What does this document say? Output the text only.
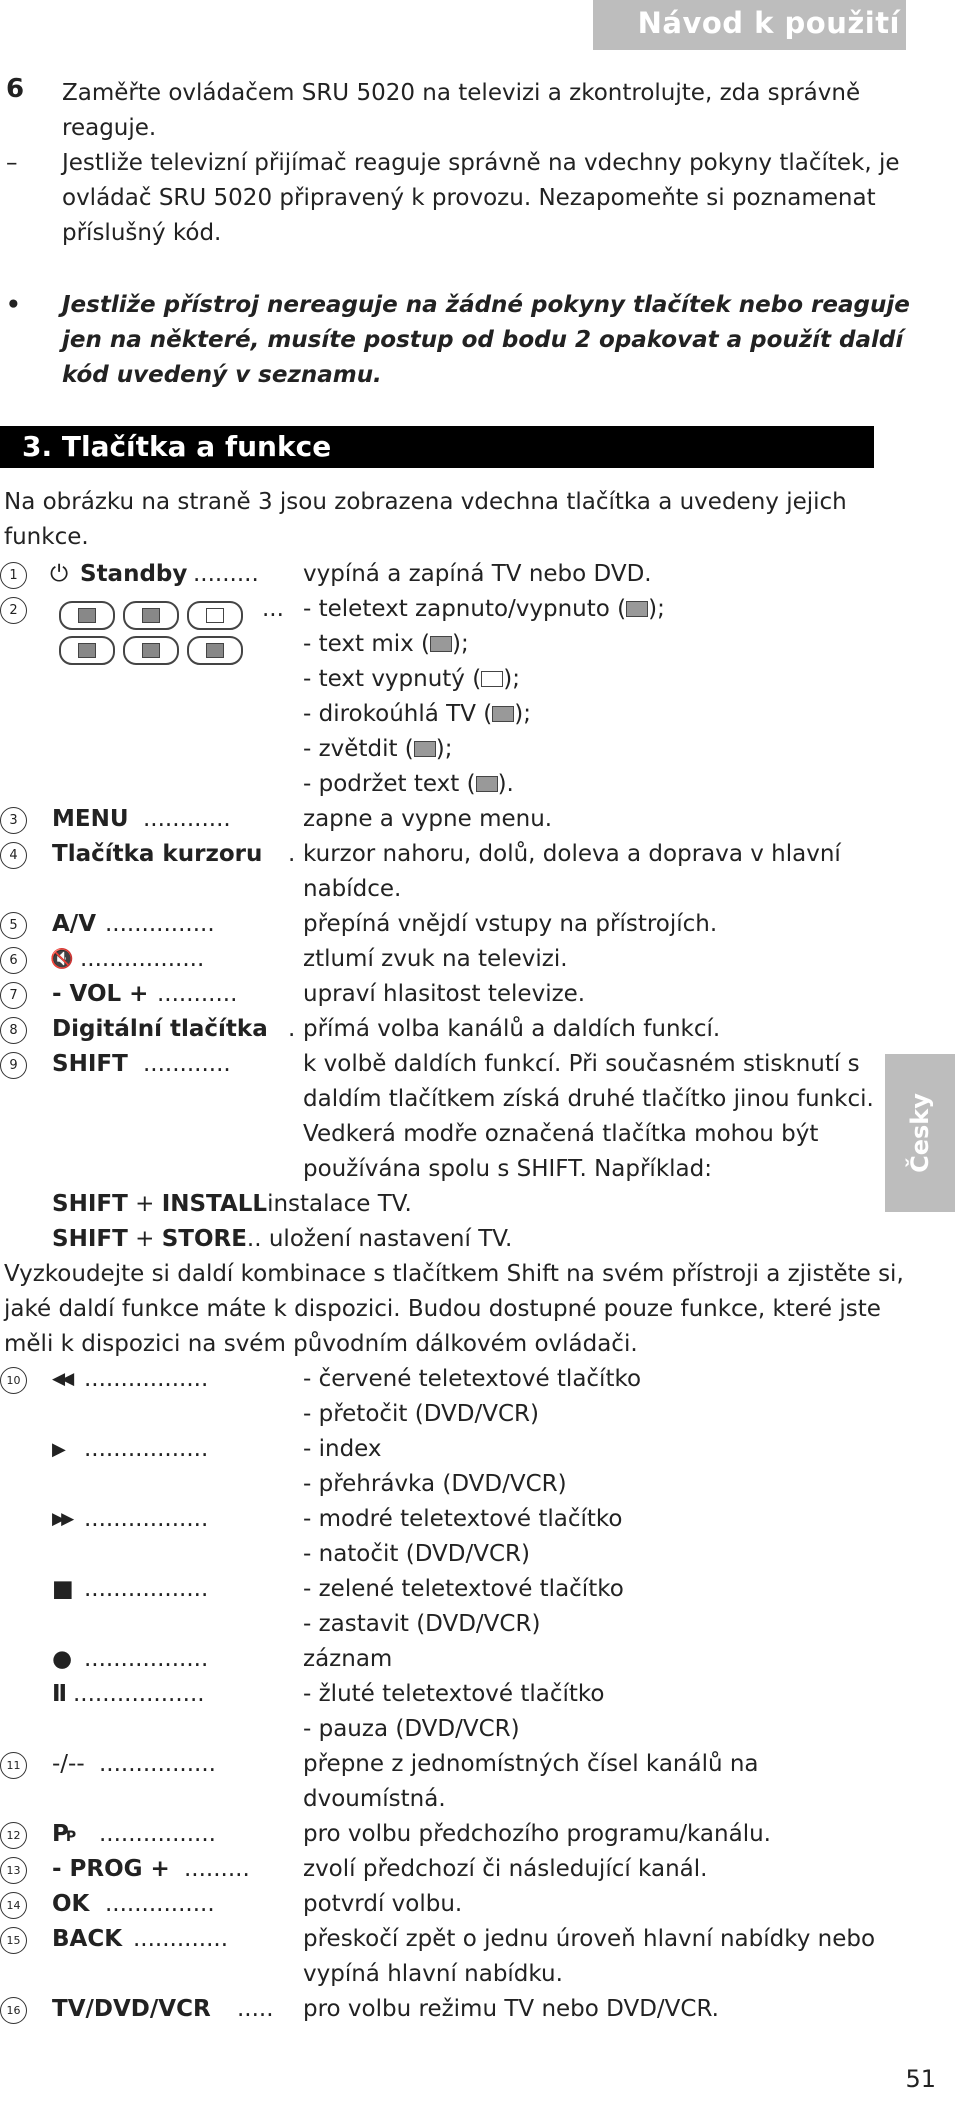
Návod k použití
6 Zaměřte ovládačem SRU 5020 na televizi a zkontrolujte, zda správně
reaguje.
– Jestliže televizní přijímač reaguje správně na vdechny pokyny tlačítek, je
ovládač SRU 5020 připravený k provozu. Nezapomeňte si poznamenat
příslušný kód.
• Jestliže přístroj nereaguje na žádné pokyny tlačítek nebo reaguje
jen na některé, musíte postup od bodu 2 opakovat a použít daldí
kód uvedený v seznamu.
3. Tlačítka a funkce
Na obrázku na straně 3 jsou zobrazena vdechna tlačítka a uvedeny jejich
funkce.
1	⏻ Standby ......... vypíná a zapíná TV nebo DVD.
2	... - teletext zapnuto/vypnuto ( );
- text mix ( );
- text vypnutý ( );
- dirokoúhlá TV ( );
- zvětdit ( );
- podržet text ( ).
3	MENU ............	zapne a vypne menu.
4	Tlačítka kurzoru . kurzor nahoru, dolů, doleva a doprava v hlavní
nabídce.
5	A/V ...............	přepíná vnějdí vstupy na přístrojích.
6	🔇 .................	ztlumí zvuk na televizi.
7	- VOL + ...........	upraví hlasitost televize.
8	Digitální tlačítka . přímá volba kanálů a daldích funkcí.
9	SHIFT ............	k volbě daldích funkcí. Při současném stisknutí s
daldím tlačítkem získá druhé tlačítko jinou funkci.
Vedkerá modře označená tlačítka mohou být
používána spolu s SHIFT. Například:
SHIFT + INSTALLinstalace TV.
SHIFT + STORE.. uložení nastavení TV.
Vyzkoudejte si daldí kombinace s tlačítkem Shift na svém přístroji a zjistěte si,
jaké daldí funkce máte k dispozici. Budou dostupné pouze funkce, které jste
měli k dispozici na svém původním dálkovém ovládači.
10	◀◀ .................	- červené teletextové tlačítko
- přetočit (DVD/VCR)
▶ .................	- index
- přehrávka (DVD/VCR)
▶▶ .................	- modré teletextové tlačítko
- natočit (DVD/VCR)
■ .................	- zelené teletextové tlačítko
- zastavit (DVD/VCR)
● .................	záznam
II ..................	- žluté teletextové tlačítko
- pauza (DVD/VCR)
11 -/-- ................	přepne z jednomístných čísel kanálů na
dvoumístná.
12 PP ................	pro volbu předchozího programu/kanálu.
13 - PROG + ......... zvolí předchozí či následující kanál.
14 OK ...............	potvrdí volbu.
15 BACK .............	přeskočí zpět o jednu úroveň hlavní nabídky nebo
vypíná hlavní nabídku.
16 TV/DVD/VCR ..... pro volbu režimu TV nebo DVD/VCR.
Česky
51
